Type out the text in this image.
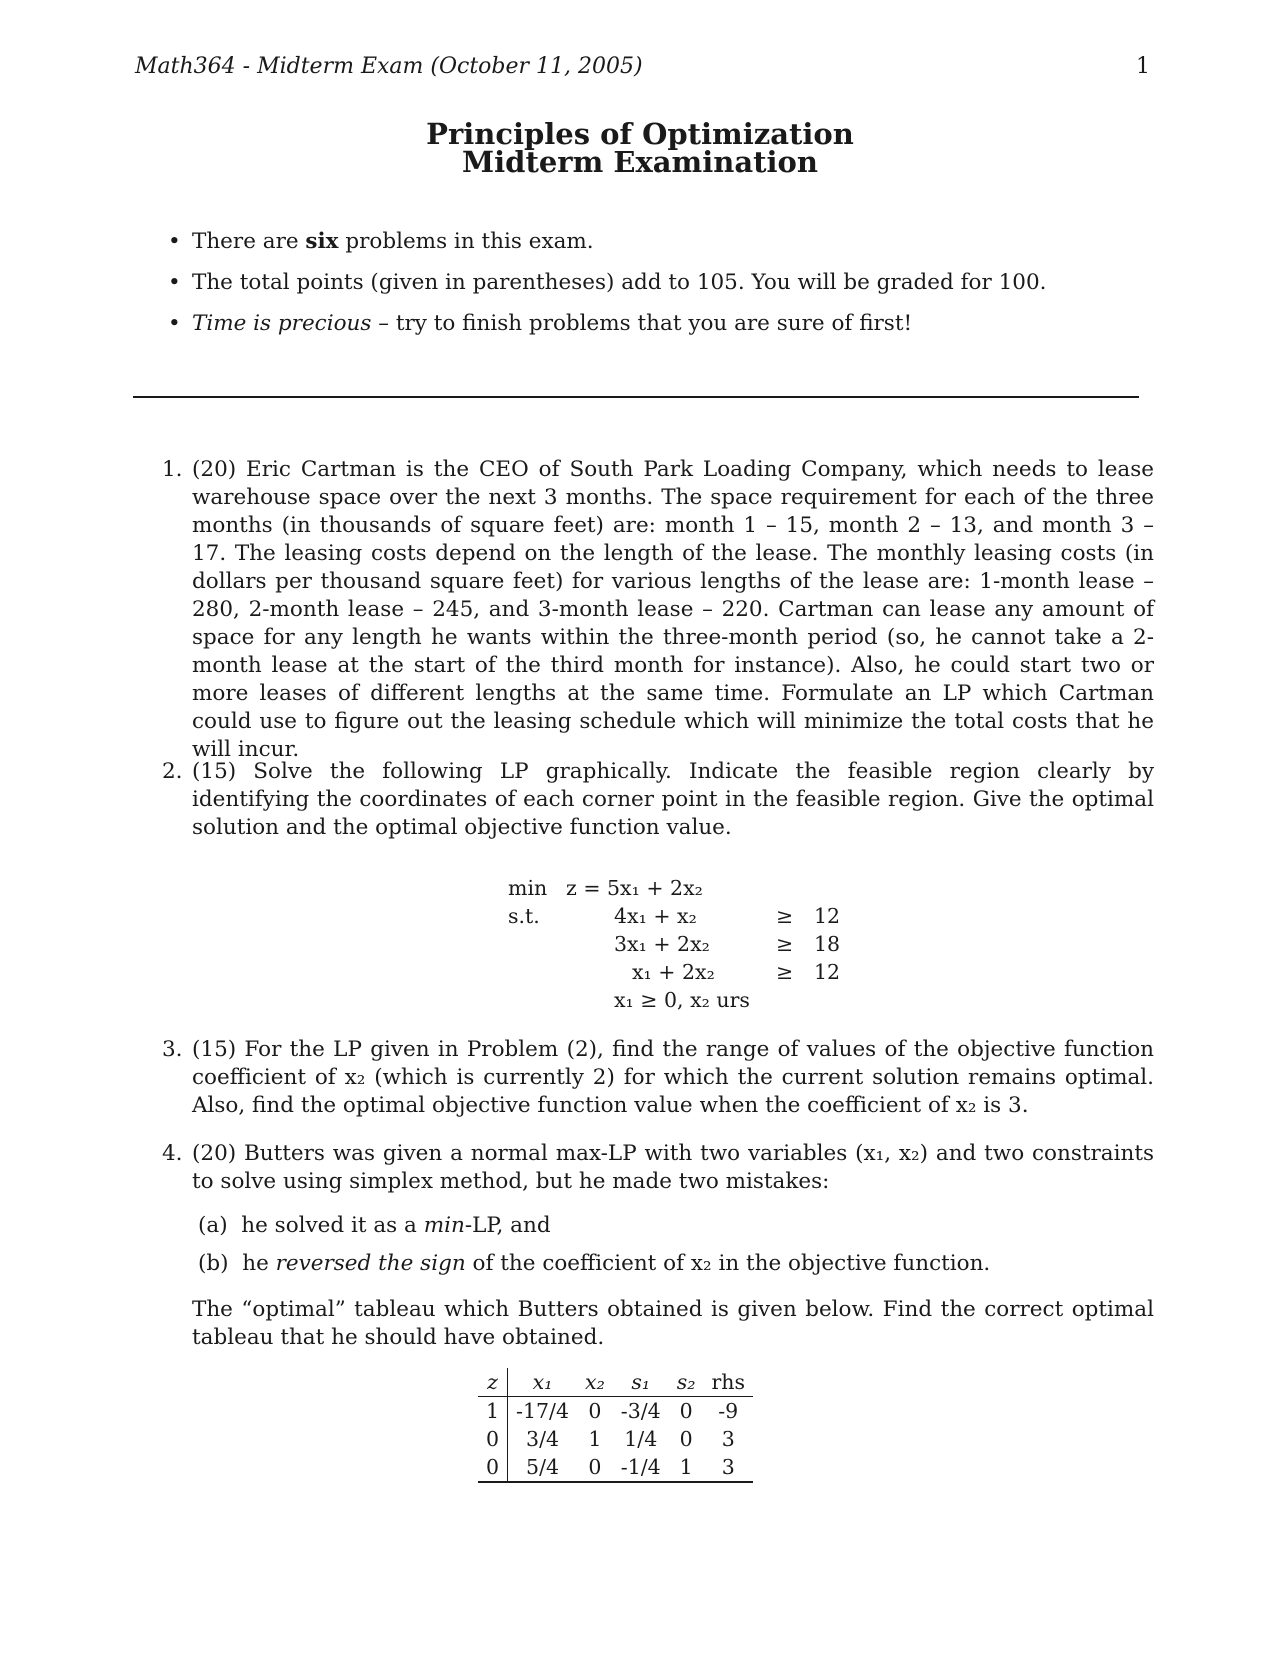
Math364 - Midterm Exam (October 11, 2005)	1
Principles of Optimization
Midterm Examination
• There are six problems in this exam.
• The total points (given in parentheses) add to 105. You will be graded for 100.
• Time is precious – try to finish problems that you are sure of first!
1. (20) Eric Cartman is the CEO of South Park Loading Company, which needs to lease warehouse space over the next 3 months. The space requirement for each of the three months (in thousands of square feet) are: month 1 – 15, month 2 – 13, and month 3 – 17. The leasing costs depend on the length of the lease. The monthly leasing costs (in dollars per thousand square feet) for various lengths of the lease are: 1-month lease – 280, 2-month lease – 245, and 3-month lease – 220. Cartman can lease any amount of space for any length he wants within the three-month period (so, he cannot take a 2-month lease at the start of the third month for instance). Also, he could start two or more leases of different lengths at the same time. Formulate an LP which Cartman could use to figure out the leasing schedule which will minimize the total costs that he will incur.
2. (15) Solve the following LP graphically. Indicate the feasible region clearly by identifying the coordinates of each corner point in the feasible region. Give the optimal solution and the optimal objective function value.
min z = 5x₁ + 2x₂
s.t.	4x₁ + x₂	≥ 12
3x₁ + 2x₂	≥ 18
x₁ + 2x₂	≥ 12
x₁ ≥ 0, x₂ urs
3. (15) For the LP given in Problem (2), find the range of values of the objective function coefficient of x₂ (which is currently 2) for which the current solution remains optimal. Also, find the optimal objective function value when the coefficient of x₂ is 3.
4. (20) Butters was given a normal max-LP with two variables (x₁, x₂) and two constraints to solve using simplex method, but he made two mistakes:
(a) he solved it as a min-LP, and
(b) he reversed the sign of the coefficient of x₂ in the objective function.
The “optimal” tableau which Butters obtained is given below. Find the correct optimal tableau that he should have obtained.
z	x₁	x₂	s₁	s₂	rhs
1	-17/4	0	-3/4	0	-9
0	3/4	1	1/4	0	3
0	5/4	0	-1/4	1	3
